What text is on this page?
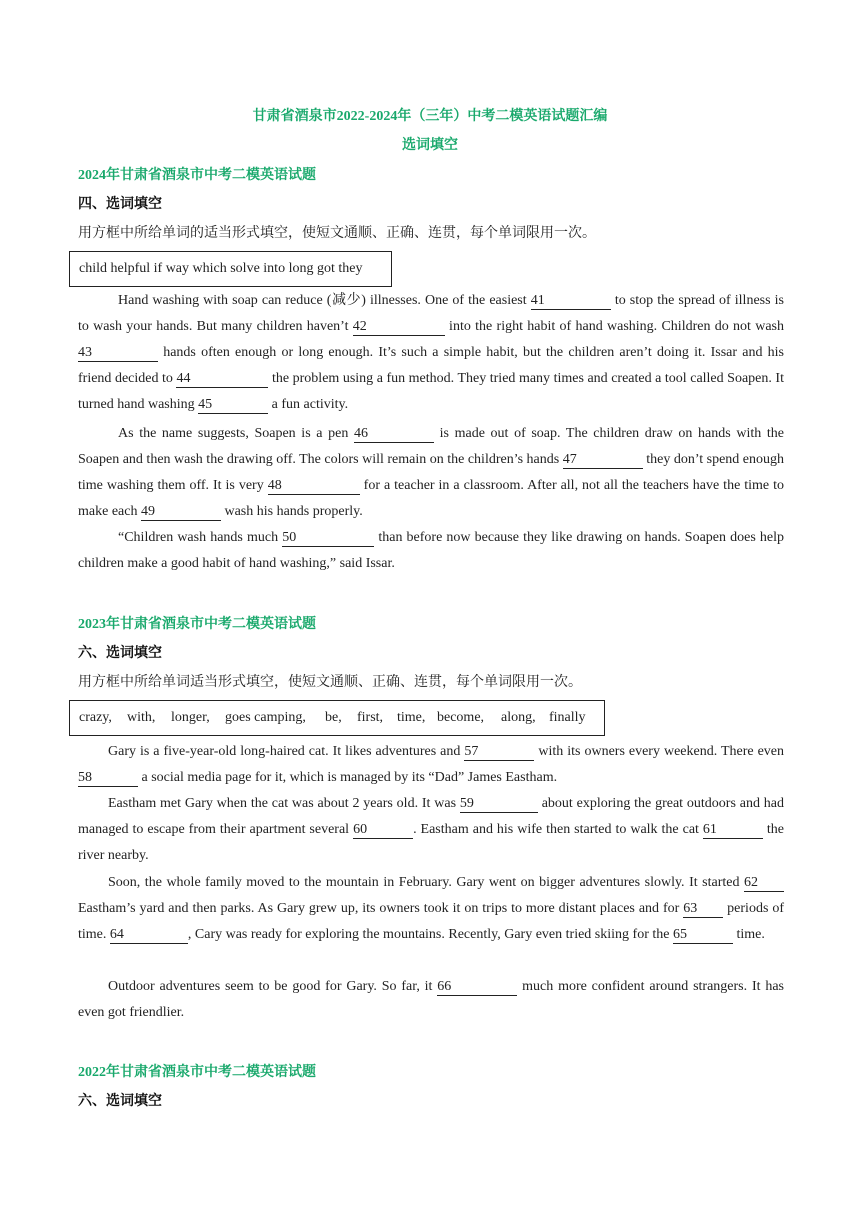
甘肃省酒泉市2022-2024年（三年）中考二模英语试题汇编
选词填空
2024年甘肃省酒泉市中考二模英语试题
四、选词填空
用方框中所给单词的适当形式填空，使短文通顺、正确、连贯，每个单词限用一次。
child helpful if way which solve into long got they
Hand washing with soap can reduce (减少) illnesses. One of the easiest 41	to stop the spread of illness is to wash your hands. But many children haven’t 42	into the right habit of hand washing. Children do not wash 43	hands often enough or long enough. It’s such a simple habit, but the children aren’t doing it. Issar and his friend decided to 44	the problem using a fun method. They tried many times and created a tool called Soapen. It turned hand washing 45	a fun activity.
As the name suggests, Soapen is a pen 46	is made out of soap. The children draw on hands with the Soapen and then wash the drawing off. The colors will remain on the children’s hands 47	they don’t spend enough time washing them off. It is very 48	for a teacher in a classroom. After all, not all the teachers have the time to make each 49	wash his hands properly.
“Children wash hands much 50	than before now because they like drawing on hands. Soapen does help children make a good habit of hand washing,” said Issar.
2023年甘肃省酒泉市中考二模英语试题
六、选词填空
用方框中所给单词适当形式填空，使短文通顺、正确、连贯，每个单词限用一次。
crazy,	with,	longer,	goes camping,	be,	first, time, become,	along, finally
Gary is a five-year-old long-haired cat. It likes adventures and 57	with its owners every weekend. There even 58	a social media page for it, which is managed by its “Dad” James Eastham.
Eastham met Gary when the cat was about 2 years old. It was 59	about exploring the great outdoors and had managed to escape from their apartment several 60	. Eastham and his wife then started to walk the cat 61	the river nearby.
Soon, the whole family moved to the mountain in February. Gary went on bigger adventures slowly. It started 62 Eastham’s yard and then parks. As Gary grew up, its owners took it on trips to more distant places and for 63 periods of time. 64	, Cary was ready for exploring the mountains. Recently, Gary even tried skiing for the 65	time.
Outdoor adventures seem to be good for Gary. So far, it 66	much more confident around strangers. It has even got friendlier.
2022年甘肃省酒泉市中考二模英语试题
六、选词填空
